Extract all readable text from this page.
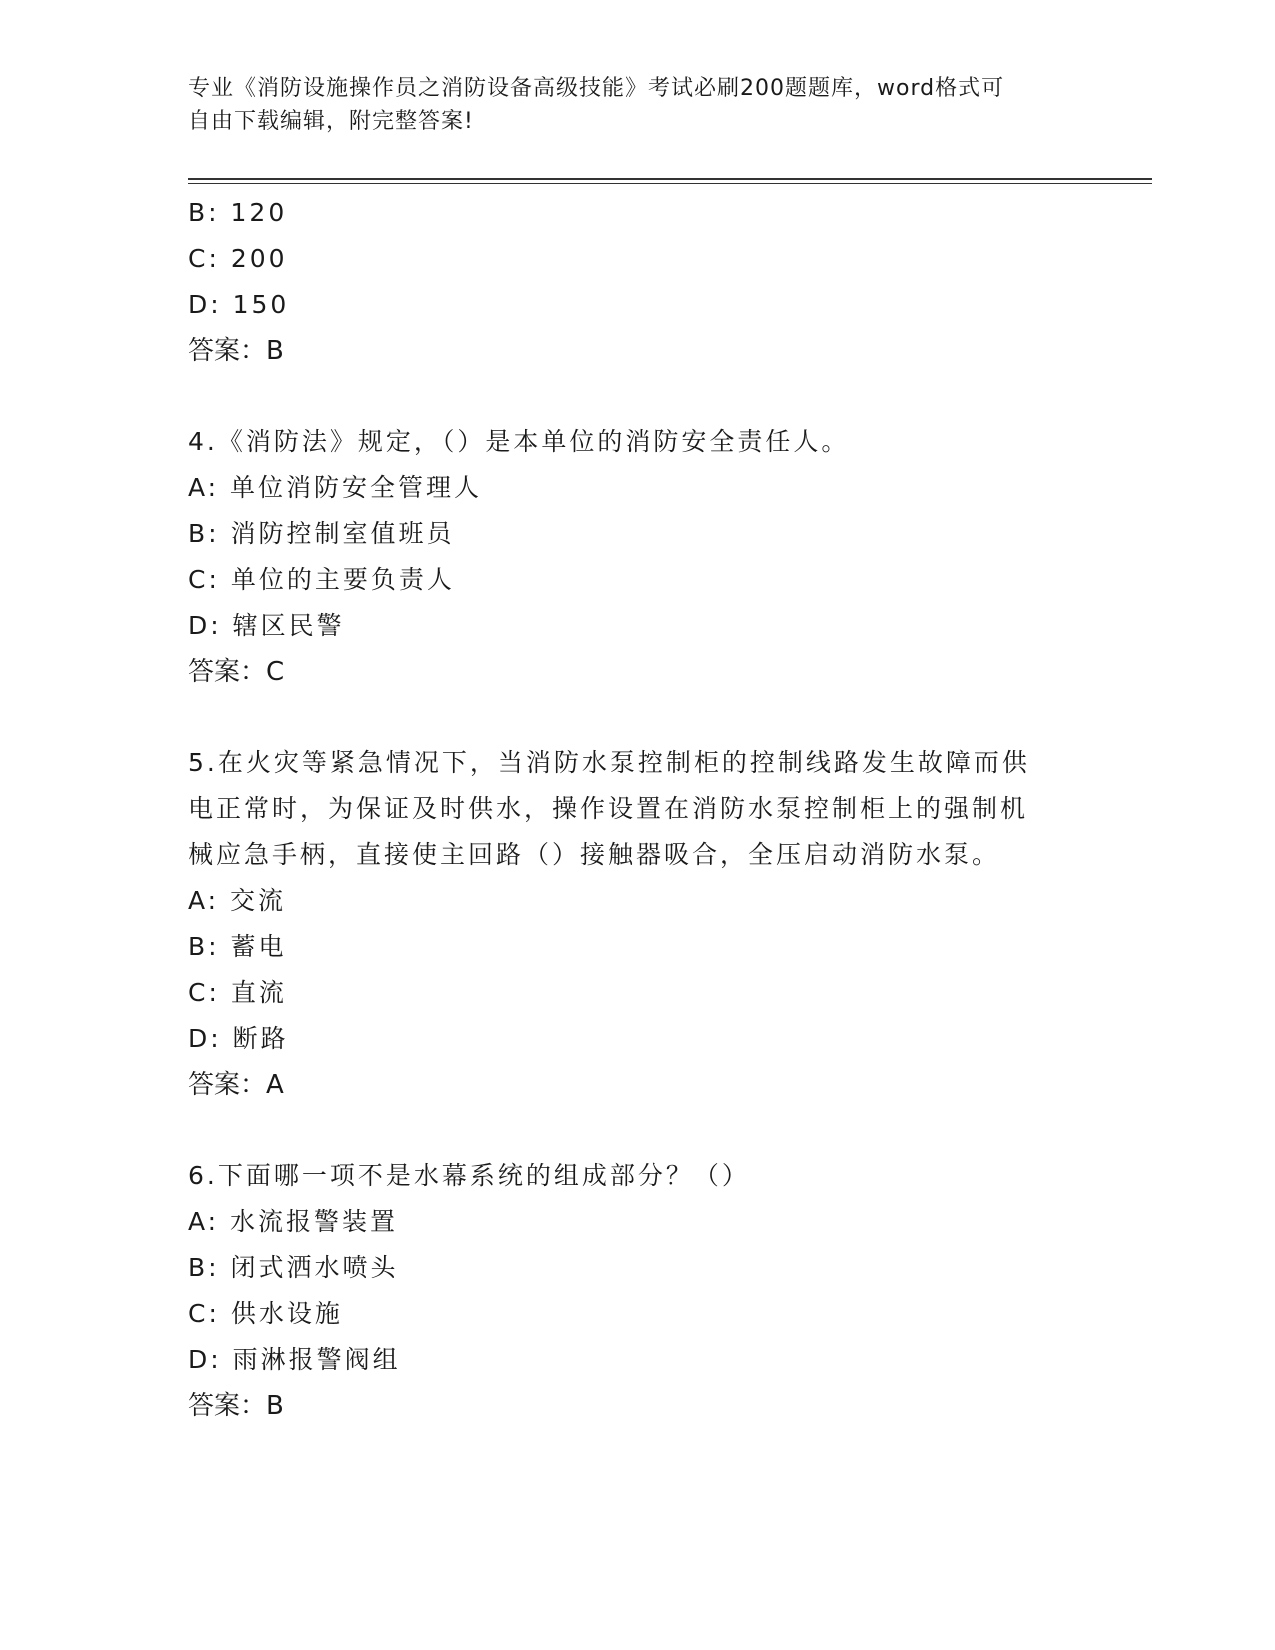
专业《消防设施操作员之消防设备高级技能》考试必刷200题题库，word格式可
自由下载编辑，附完整答案!
B: 120
C: 200
D: 150
答案：B
4.《消防法》规定，（）是本单位的消防安全责任人。
A: 单位消防安全管理人
B: 消防控制室值班员
C: 单位的主要负责人
D: 辖区民警
答案：C
5.在火灾等紧急情况下，当消防水泵控制柜的控制线路发生故障而供
电正常时，为保证及时供水，操作设置在消防水泵控制柜上的强制机
械应急手柄，直接使主回路（）接触器吸合，全压启动消防水泵。
A: 交流
B: 蓄电
C: 直流
D: 断路
答案：A
6.下面哪一项不是水幕系统的组成部分？（）
A: 水流报警装置
B: 闭式洒水喷头
C: 供水设施
D: 雨淋报警阀组
答案：B
